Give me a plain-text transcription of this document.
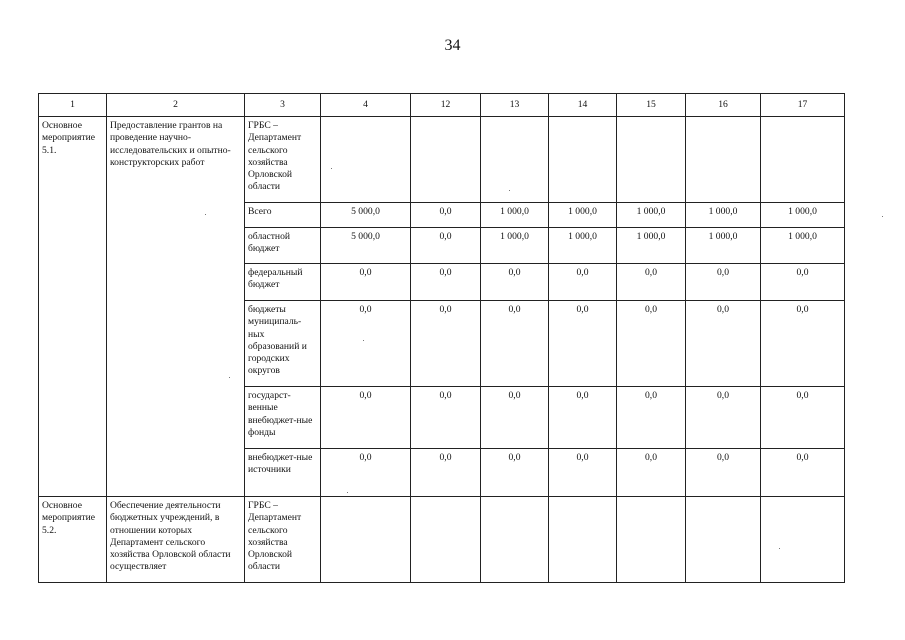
34
1	2	3	4	12	13	14	15	16	17
Основное мероприятие 5.1.	Предоставление грантов на проведение научно-исследовательских и опытно-конструкторских работ	ГРБС – Департамент сельского хозяйства Орловской области							
		Всего	5 000,0	0,0	1 000,0	1 000,0	1 000,0	1 000,0	1 000,0
		областной бюджет	5 000,0	0,0	1 000,0	1 000,0	1 000,0	1 000,0	1 000,0
		федеральный бюджет	0,0	0,0	0,0	0,0	0,0	0,0	0,0
		бюджеты муниципаль-ных образований и городских округов	0,0	0,0	0,0	0,0	0,0	0,0	0,0
		государст-венные внебюджет-ные фонды	0,0	0,0	0,0	0,0	0,0	0,0	0,0
		внебюджет-ные источники	0,0	0,0	0,0	0,0	0,0	0,0	0,0
Основное мероприятие 5.2.	Обеспечение деятельности бюджетных учреждений, в отношении которых Департамент сельского хозяйства Орловской области осуществляет	ГРБС – Департамент сельского хозяйства Орловской области							
